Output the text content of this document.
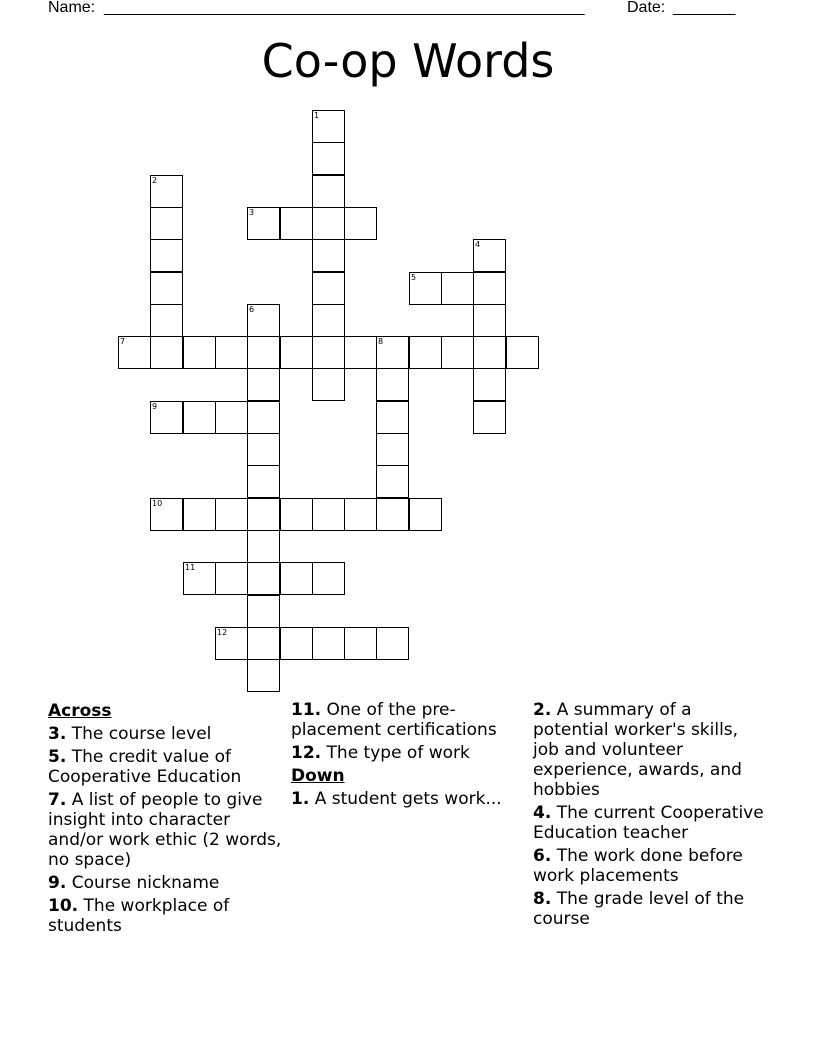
Name:

______________________________________________________

	Date:

_______

Co-op Words
1
2
3
4
5
6
7	8
9
10
11
12
Across
3. The course level
5. The credit value of Cooperative Education
7. A list of people to give insight into character and/or work ethic (2 words, no space)
9. Course nickname
10. The workplace of students
11. One of the pre-placement certifications
12. The type of work
Down
1. A student gets work...
2. A summary of a potential worker's skills, job and volunteer experience, awards, and hobbies
4. The current Cooperative Education teacher
6. The work done before work placements
8. The grade level of the course
